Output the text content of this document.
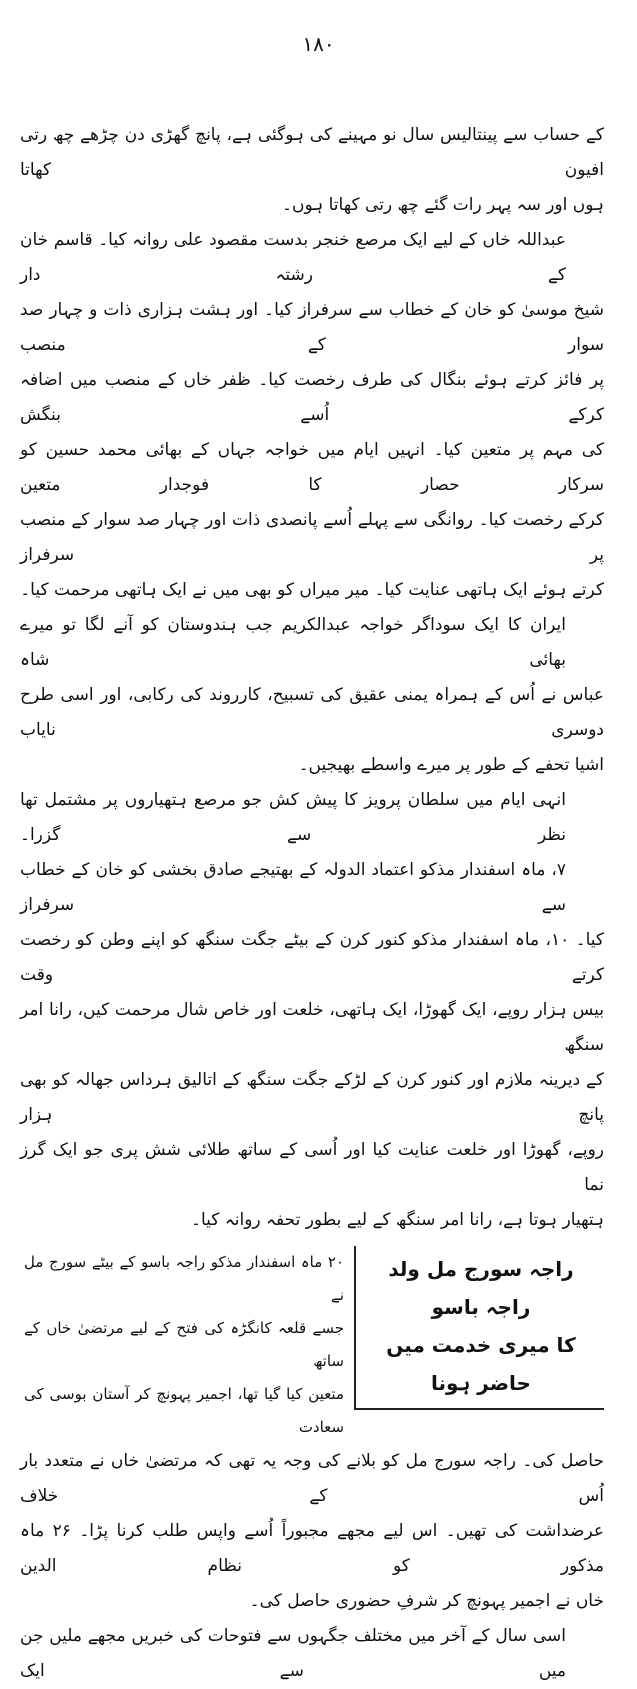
۱۸۰
کے حساب سے پینتالیس سال نو مہینے کی ہوگئی ہے، پانچ گھڑی دن چڑھے چھ رتی افیون کھاتا
ہوں اور سہ پہر رات گئے چھ رتی کھاتا ہوں۔
عبداللہ خاں کے لیے ایک مرصع خنجر بدست مقصود علی روانہ کیا۔ قاسم خان کے رشتہ دار
شیخ موسیٰ کو خان کے خطاب سے سرفراز کیا۔ اور ہشت ہزاری ذات و چہار صد سوار کے منصب
پر فائز کرتے ہوئے بنگال کی طرف رخصت کیا۔ ظفر خاں کے منصب میں اضافہ کرکے اُسے بنگش
کی مہم پر متعین کیا۔ انہیں ایام میں خواجہ جہاں کے بھائی محمد حسین کو سرکار حصار کا فوجدار متعین
کرکے رخصت کیا۔ روانگی سے پہلے اُسے پانصدی ذات اور چہار صد سوار کے منصب پر سرفراز
کرتے ہوئے ایک ہاتھی عنایت کیا۔ میر میراں کو بھی میں نے ایک ہاتھی مرحمت کیا۔
ایران کا ایک سوداگر خواجہ عبدالکریم جب ہندوستان کو آنے لگا تو میرے بھائی شاہ
عباس نے اُس کے ہمراہ یمنی عقیق کی تسبیح، کارروند کی رکابی، اور اسی طرح دوسری نایاب
اشیا تحفے کے طور پر میرے واسطے بھیجیں۔
انہی ایام میں سلطان پرویز کا پیش کش جو مرصع ہتھیاروں پر مشتمل تھا نظر سے گزرا۔
۷، ماہ اسفندار مذکو اعتماد الدولہ کے بھتیجے صادق بخشی کو خان کے خطاب سے سرفراز
کیا۔ ۱۰، ماہ اسفندار مذکو کنور کرن کے بیٹے جگت سنگھ کو اپنے وطن کو رخصت کرتے وقت
بیس ہزار روپے، ایک گھوڑا، ایک ہاتھی، خلعت اور خاص شال مرحمت کیں، رانا امر سنگھ
کے دیرینہ ملازم اور کنور کرن کے لڑکے جگت سنگھ کے اتالیق ہرداس جھالہ کو بھی پانچ ہزار
روپے، گھوڑا اور خلعت عنایت کیا اور اُسی کے ساتھ طلائی شش پری جو ایک گرز نما
ہتھیار ہوتا ہے، رانا امر سنگھ کے لیے بطور تحفہ روانہ کیا۔
راجہ سورج مل ولد راجہ باسو
کا میری خدمت میں حاضر ہونا
۲۰ ماہ اسفندار مذکو راجہ باسو کے بیٹے سورج مل نے
جسے قلعہ کانگڑہ کی فتح کے لیے مرتضیٰ خاں کے ساتھ
متعین کیا گیا تھا، اجمیر پہونچ کر آستان بوسی کی سعادت
حاصل کی۔ راجہ سورج مل کو بلانے کی وجہ یہ تھی کہ مرتضیٰ خاں نے متعدد بار اُس کے خلاف
عرضداشت کی تھیں۔ اس لیے مجھے مجبوراً اُسے واپس طلب کرنا پڑا۔ ۲۶ ماہ مذکور کو نظام الدین
خاں نے اجمیر پہونچ کر شرفِ حضوری حاصل کی۔
اسی سال کے آخر میں مختلف جگہوں سے فتوحات کی خبریں مجھے ملیں جن میں سے ایک
